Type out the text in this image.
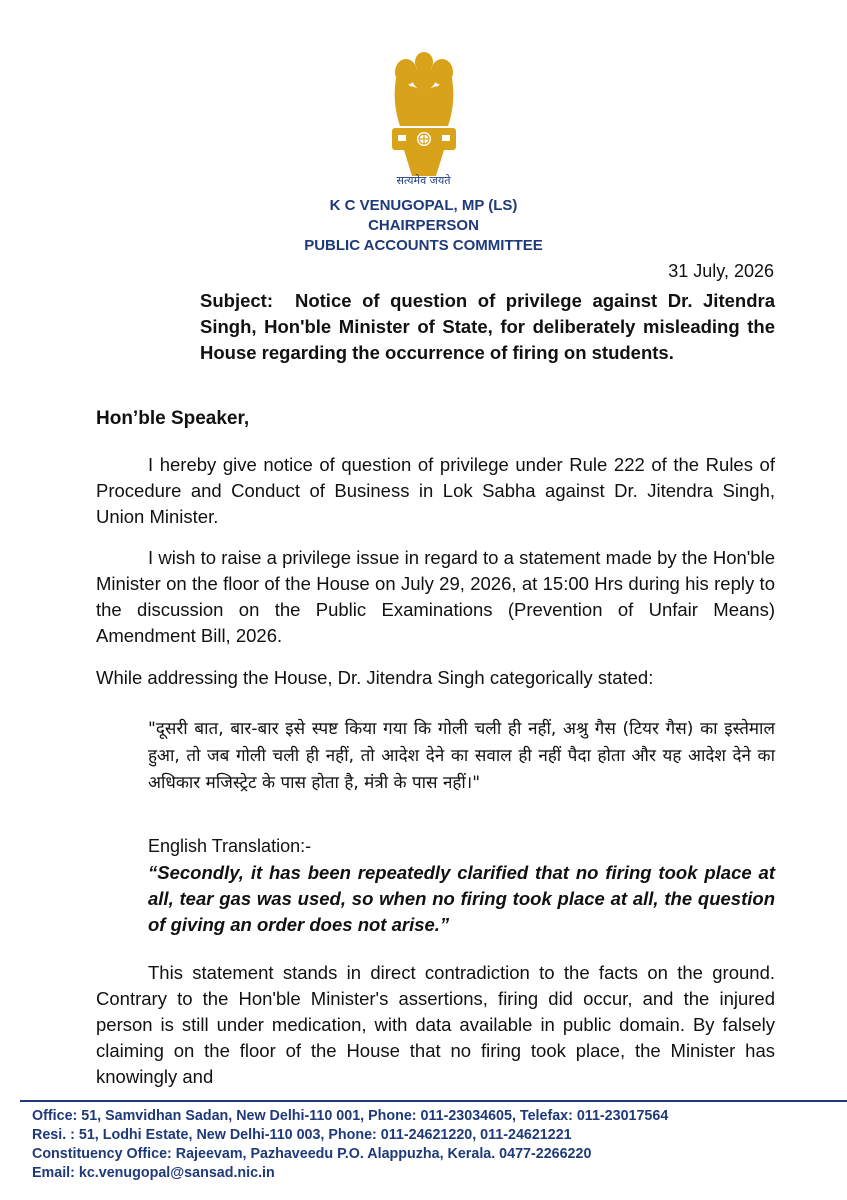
सत्यमेव जयते
K C VENUGOPAL, MP (LS)
CHAIRPERSON
PUBLIC ACCOUNTS COMMITTEE
31 July, 2026
Subject: Notice of question of privilege against Dr. Jitendra Singh, Hon'ble Minister of State, for deliberately misleading the House regarding the occurrence of firing on students.
Hon’ble Speaker,
I hereby give notice of question of privilege under Rule 222 of the Rules of Procedure and Conduct of Business in Lok Sabha against Dr. Jitendra Singh, Union Minister.
I wish to raise a privilege issue in regard to a statement made by the Hon'ble Minister on the floor of the House on July 29, 2026, at 15:00 Hrs during his reply to the discussion on the Public Examinations (Prevention of Unfair Means) Amendment Bill, 2026.
While addressing the House, Dr. Jitendra Singh categorically stated:
"दूसरी बात, बार-बार इसे स्पष्ट किया गया कि गोली चली ही नहीं, अश्रु गैस (टियर गैस) का इस्तेमाल हुआ, तो जब गोली चली ही नहीं, तो आदेश देने का सवाल ही नहीं पैदा होता और यह आदेश देने का अधिकार मजिस्ट्रेट के पास होता है, मंत्री के पास नहीं।"
English Translation:-
“Secondly, it has been repeatedly clarified that no firing took place at all, tear gas was used, so when no firing took place at all, the question of giving an order does not arise.”
This statement stands in direct contradiction to the facts on the ground. Contrary to the Hon'ble Minister's assertions, firing did occur, and the injured person is still under medication, with data available in public domain. By falsely claiming on the floor of the House that no firing took place, the Minister has knowingly and
Office: 51, Samvidhan Sadan, New Delhi-110 001, Phone: 011-23034605, Telefax: 011-23017564
Resi. : 51, Lodhi Estate, New Delhi-110 003, Phone: 011-24621220, 011-24621221
Constituency Office: Rajeevam, Pazhaveedu P.O. Alappuzha, Kerala. 0477-2266220
Email: kc.venugopal@sansad.nic.in
